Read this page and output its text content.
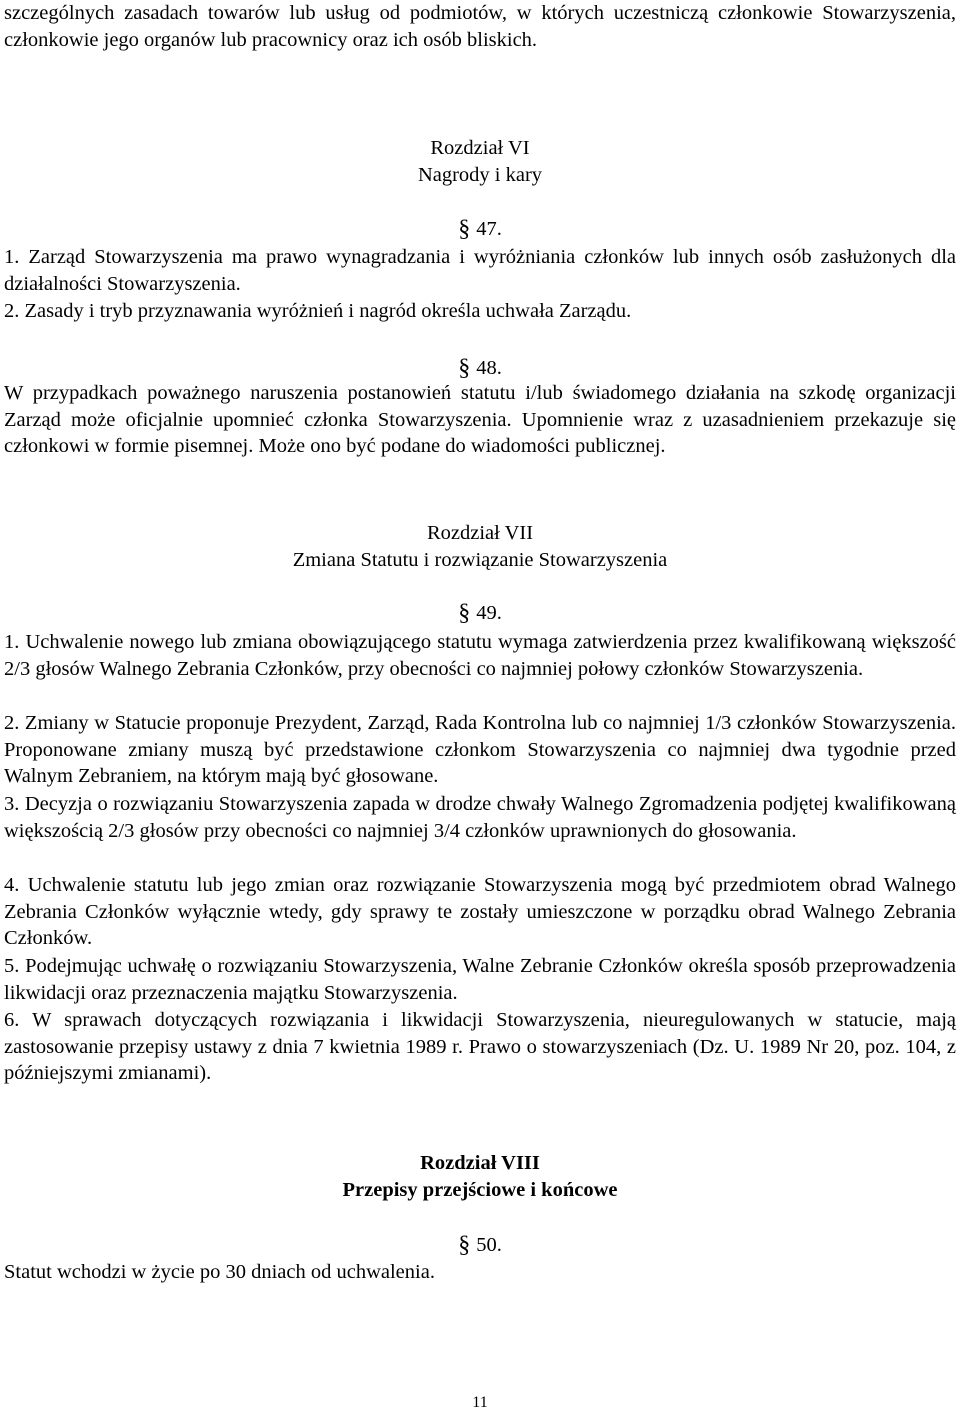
szczególnych zasadach towarów lub usług od podmiotów, w których uczestniczą członkowie Stowarzyszenia, członkowie jego organów lub pracownicy oraz ich osób bliskich.
Rozdział VI
Nagrody i kary
§ 47.
1. Zarząd Stowarzyszenia ma prawo wynagradzania i wyróżniania członków lub innych osób zasłużonych dla działalności Stowarzyszenia.
2. Zasady i tryb przyznawania wyróżnień i nagród określa uchwała Zarządu.
§ 48.
W przypadkach poważnego naruszenia postanowień statutu i/lub świadomego działania na szkodę organizacji Zarząd może oficjalnie upomnieć członka Stowarzyszenia. Upomnienie wraz z uzasadnieniem przekazuje się członkowi w formie pisemnej. Może ono być podane do wiadomości publicznej.
Rozdział VII
Zmiana Statutu i rozwiązanie Stowarzyszenia
§ 49.
1. Uchwalenie nowego lub zmiana obowiązującego statutu wymaga zatwierdzenia przez kwalifikowaną większość 2/3 głosów Walnego Zebrania Członków, przy obecności co najmniej połowy członków Stowarzyszenia.
2. Zmiany w Statucie proponuje Prezydent, Zarząd, Rada Kontrolna lub co najmniej 1/3 członków Stowarzyszenia. Proponowane zmiany muszą być przedstawione członkom Stowarzyszenia co najmniej dwa tygodnie przed Walnym Zebraniem, na którym mają być głosowane.
3. Decyzja o rozwiązaniu Stowarzyszenia zapada w drodze chwały Walnego Zgromadzenia podjętej kwalifikowaną większością 2/3 głosów przy obecności co najmniej 3/4 członków uprawnionych do głosowania.
4. Uchwalenie statutu lub jego zmian oraz rozwiązanie Stowarzyszenia mogą być przedmiotem obrad Walnego Zebrania Członków wyłącznie wtedy, gdy sprawy te zostały umieszczone w porządku obrad Walnego Zebrania Członków.
5. Podejmując uchwałę o rozwiązaniu Stowarzyszenia, Walne Zebranie Członków określa sposób przeprowadzenia likwidacji oraz przeznaczenia majątku Stowarzyszenia.
6. W sprawach dotyczących rozwiązania i likwidacji Stowarzyszenia, nieuregulowanych w statucie, mają zastosowanie przepisy ustawy z dnia 7 kwietnia 1989 r. Prawo o stowarzyszeniach (Dz. U. 1989 Nr 20, poz. 104, z późniejszymi zmianami).
Rozdział VIII
Przepisy przejściowe i końcowe
§ 50.
Statut wchodzi w życie po 30 dniach od uchwalenia.
11
